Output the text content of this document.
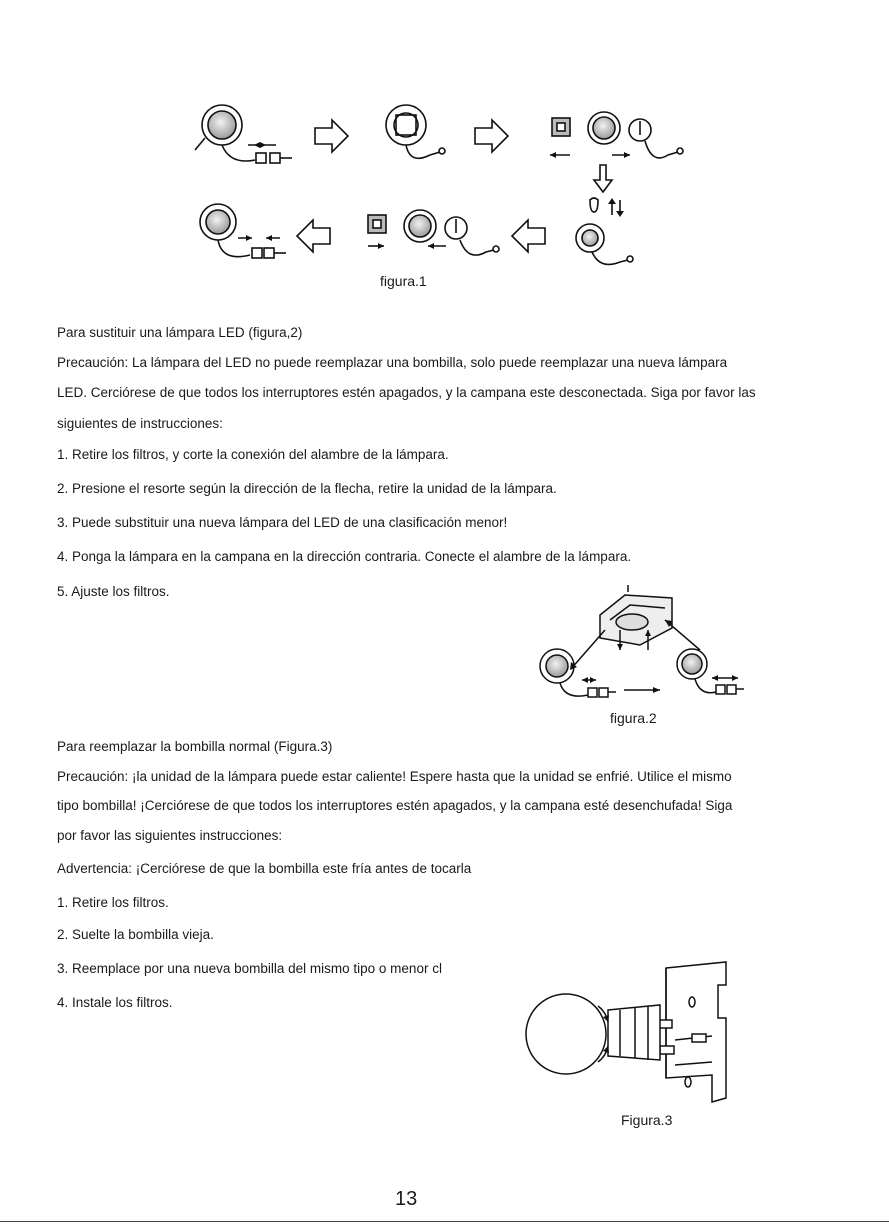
figura.1
Para sustituir una lámpara LED (figura,2)
Precaución: La lámpara del LED no puede reemplazar una bombilla, solo puede reemplazar una nueva lámpara
LED. Cerciórese de que todos los interruptores estén apagados, y la campana este desconectada. Siga por favor las
siguientes de instrucciones:
1. Retire los filtros, y corte la conexión del alambre de la lámpara.
2. Presione el resorte según la dirección de la flecha, retire la unidad de la lámpara.
3. Puede substituir una nueva lámpara del LED de una clasificación menor!
4. Ponga la lámpara en la campana en la dirección contraria. Conecte el alambre de la lámpara.
5. Ajuste los filtros.
figura.2
Para reemplazar la bombilla normal (Figura.3)
Precaución: ¡la unidad de la lámpara puede estar caliente! Espere hasta que la unidad se enfrié. Utilice el mismo
tipo bombilla! ¡Cerciórese de que todos los interruptores estén apagados, y la campana esté desenchufada! Siga
por favor las siguientes instrucciones:
Advertencia: ¡Cerciórese de que la bombilla este fría antes de tocarla
1. Retire los filtros.
2. Suelte la bombilla vieja.
3. Reemplace por una nueva bombilla del mismo tipo o menor cl
4. Instale los filtros.
Figura.3
13
